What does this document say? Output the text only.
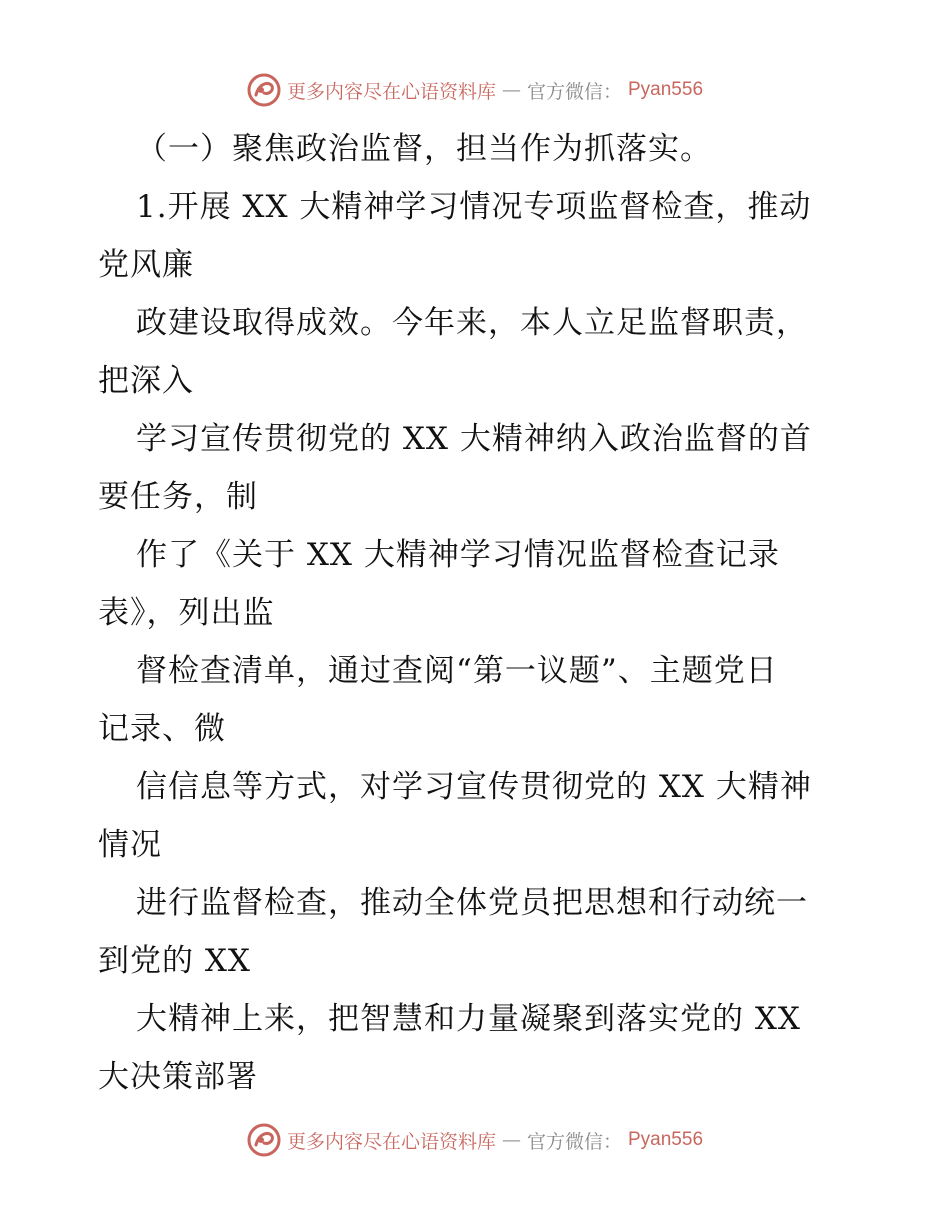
更多内容尽在心语资料库 — 官方微信： Pyan556
（一）聚焦政治监督，担当作为抓落实。
1.开展 XX 大精神学习情况专项监督检查，推动
党风廉
政建设取得成效。今年来，本人立足监督职责，
把深入
学习宣传贯彻党的 XX 大精神纳入政治监督的首
要任务，制
作了《关于 XX 大精神学习情况监督检查记录
表》，列出监
督检查清单，通过查阅“第一议题”、主题党日
记录、微
信信息等方式，对学习宣传贯彻党的 XX 大精神
情况
进行监督检查，推动全体党员把思想和行动统一
到党的 XX
大精神上来，把智慧和力量凝聚到落实党的 XX
大决策部署
更多内容尽在心语资料库 — 官方微信： Pyan556
